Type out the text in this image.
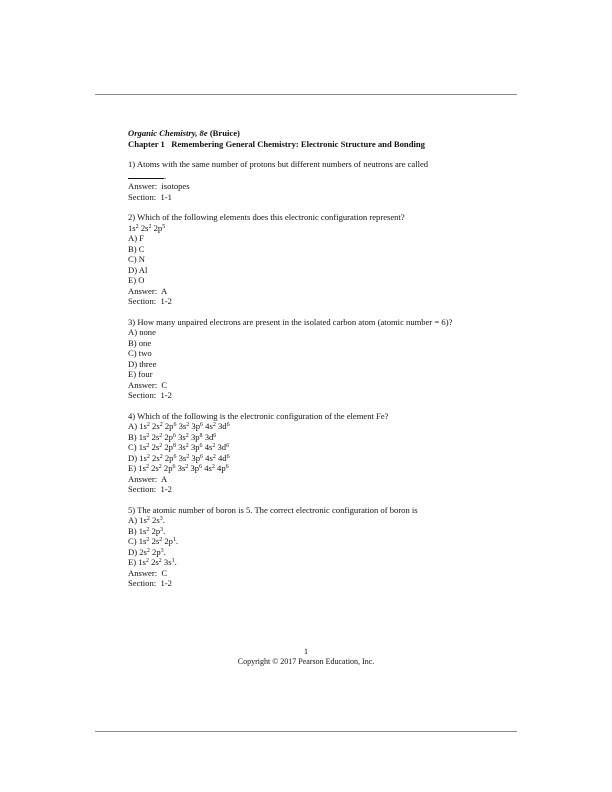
Organic Chemistry, 8e (Bruice)
Chapter 1   Remembering General Chemistry: Electronic Structure and Bonding
1) Atoms with the same number of protons but different numbers of neutrons are called
.
Answer: isotopes
Section: 1-1
2) Which of the following elements does this electronic configuration represent?
$1s^2$ $2s^2$ $2p^5$
A) F
B) C
C) N
D) Al
E) O
Answer: A
Section: 1-2
3) How many unpaired electrons are present in the isolated carbon atom (atomic number = 6)?
A) none
B) one
C) two
D) three
E) four
Answer: C
Section: 1-2
4) Which of the following is the electronic configuration of the element Fe?
A) $1s^2$ $2s^2$ $2p^6$ $3s^2$ $3p^6$ $4s^2$ $3d^6$
B) $1s^2$ $2s^2$ $2p^6$ $3s^2$ $3p^8$ $3d^6$
C) $1s^2$ $2s^2$ $2p^8$ $3s^2$ $3p^6$ $4s^2$ $3d^6$
D) $1s^2$ $2s^2$ $2p^6$ $3s^2$ $3p^6$ $4s^2$ $4d^6$
E) $1s^2$ $2s^2$ $2p^6$ $3s^2$ $3p^6$ $4s^2$ $4p^6$
Answer: A
Section: 1-2
5) The atomic number of boron is 5. The correct electronic configuration of boron is
A) $1s^2$ $2s^3$.
B) $1s^2$ $2p^3$.
C) $1s^2$ $2s^2$ $2p^1$.
D) $2s^2$ $2p^3$.
E) $1s^2$ $2s^2$ $3s^1$.
Answer: C
Section: 1-2
1
Copyright © 2017 Pearson Education, Inc.
